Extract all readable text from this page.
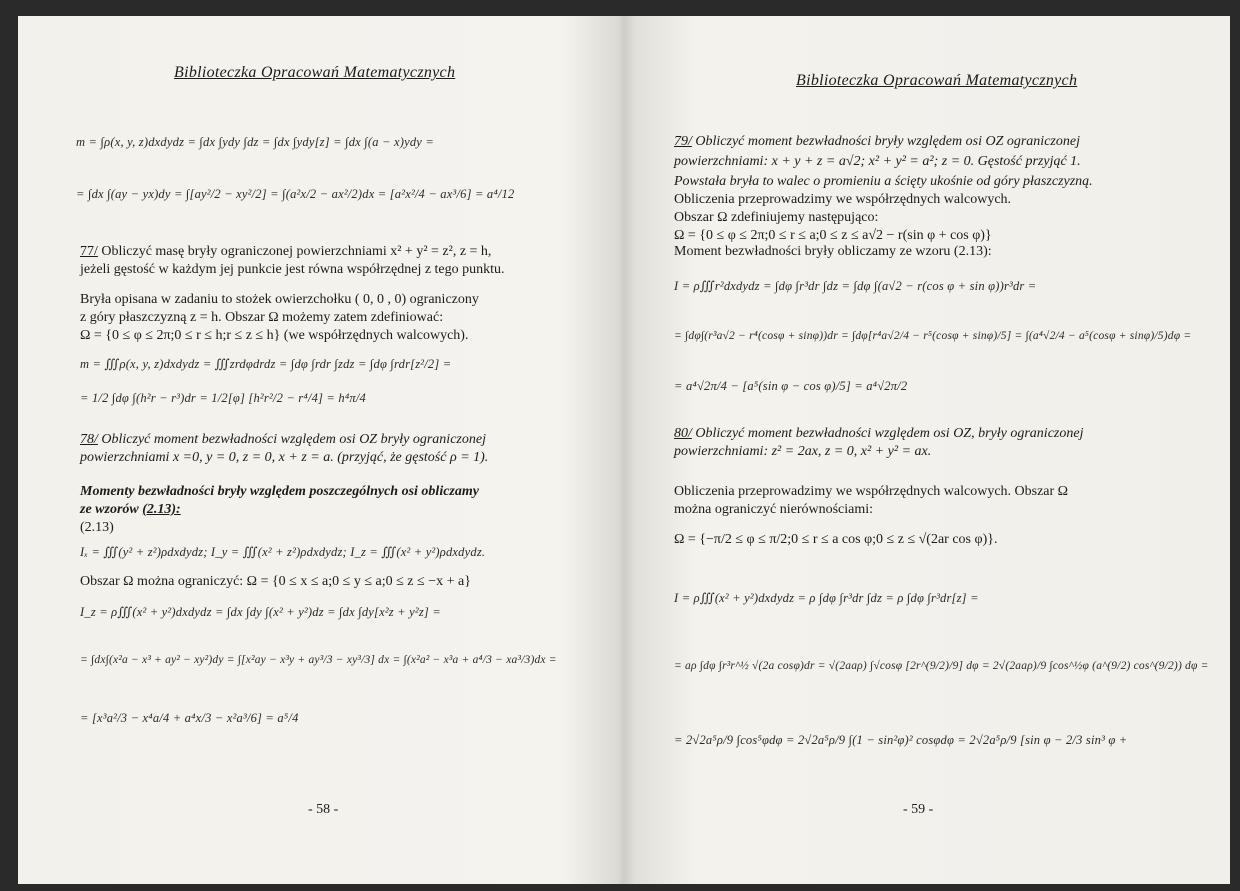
Biblioteczka Opracowań Matematycznych
m = ∫ρ(x, y, z)dxdydz = ∫dx ∫ydy ∫dz = ∫dx ∫ydy[z] = ∫dx ∫(a − x)ydy =
= ∫dx ∫(ay − yx)dy = ∫[ay²/2 − xy²/2] = ∫(a²x/2 − ax²/2)dx = [a²x²/4 − ax³/6] = a⁴/12
77/ Obliczyć masę bryły ograniczonej powierzchniami x² + y² = z², z = h,
jeżeli gęstość w każdym jej punkcie jest równa współrzędnej z tego punktu.
Bryła opisana w zadaniu to stożek owierzchołku ( 0, 0 , 0) ograniczony
z góry płaszczyzną z = h. Obszar Ω możemy zatem zdefiniować:
Ω = {0 ≤ φ ≤ 2π;0 ≤ r ≤ h;r ≤ z ≤ h} (we współrzędnych walcowych).
m = ∭ρ(x, y, z)dxdydz = ∭zrdφdrdz = ∫dφ ∫rdr ∫zdz = ∫dφ ∫rdr[z²/2] =
= 1/2 ∫dφ ∫(h²r − r³)dr = 1/2[φ] [h²r²/2 − r⁴/4] = h⁴π/4
78/ Obliczyć moment bezwładności względem osi OZ bryły ograniczonej
powierzchniami x =0, y = 0, z = 0, x + z = a. (przyjąć, że gęstość ρ = 1).
Momenty bezwładności bryły względem poszczególnych osi obliczamy
ze wzorów (2.13):
(2.13)
Iₓ = ∭(y² + z²)ρdxdydz; I_y = ∭(x² + z²)ρdxdydz; I_z = ∭(x² + y²)ρdxdydz.
Obszar Ω można ograniczyć: Ω = {0 ≤ x ≤ a;0 ≤ y ≤ a;0 ≤ z ≤ −x + a}
I_z = ρ∭(x² + y²)dxdydz = ∫dx ∫dy ∫(x² + y²)dz = ∫dx ∫dy[x²z + y²z] =
= ∫dx∫(x²a − x³ + ay² − xy²)dy = ∫[x²ay − x³y + ay³/3 − xy³/3] dx = ∫(x²a² − x³a + a⁴/3 − xa³/3)dx =
= [x³a²/3 − x⁴a/4 + a⁴x/3 − x²a³/6] = a⁵/4
- 58 -
Biblioteczka Opracowań Matematycznych
79/ Obliczyć moment bezwładności bryły względem osi OZ ograniczonej
powierzchniami: x + y + z = a√2; x² + y² = a²; z = 0. Gęstość przyjąć 1.
Powstała bryła to walec o promieniu a ścięty ukośnie od góry płaszczyzną.
Obliczenia przeprowadzimy we współrzędnych walcowych.
Obszar Ω zdefiniujemy następująco:
Ω = {0 ≤ φ ≤ 2π;0 ≤ r ≤ a;0 ≤ z ≤ a√2 − r(sin φ + cos φ)}
Moment bezwładności bryły obliczamy ze wzoru (2.13):
I = ρ∭r²dxdydz = ∫dφ ∫r³dr ∫dz = ∫dφ ∫(a√2 − r(cos φ + sin φ))r³dr =
= ∫dφ∫(r³a√2 − r⁴(cosφ + sinφ))dr = ∫dφ[r⁴a√2/4 − r⁵(cosφ + sinφ)/5] = ∫(a⁴√2/4 − a⁵(cosφ + sinφ)/5)dφ =
= a⁴√2π/4 − [a⁵(sin φ − cos φ)/5] = a⁴√2π/2
80/ Obliczyć moment bezwładności względem osi OZ, bryły ograniczonej
powierzchniami: z² = 2ax, z = 0, x² + y² = ax.
Obliczenia przeprowadzimy we współrzędnych walcowych. Obszar Ω
można ograniczyć nierównościami:
Ω = {−π/2 ≤ φ ≤ π/2;0 ≤ r ≤ a cos φ;0 ≤ z ≤ √(2ar cos φ)}.
I = ρ∭(x² + y²)dxdydz = ρ ∫dφ ∫r³dr ∫dz = ρ ∫dφ ∫r³dr[z] =
= aρ ∫dφ ∫r³r^½ √(2a cosφ)dr = √(2aaρ) ∫√cosφ [2r^(9/2)/9] dφ = 2√(2aaρ)/9 ∫cos^½φ (a^(9/2) cos^(9/2)) dφ =
= 2√2a⁵ρ/9 ∫cos⁵φdφ = 2√2a⁵ρ/9 ∫(1 − sin²φ)² cosφdφ = 2√2a⁵ρ/9 [sin φ − 2/3 sin³ φ +
- 59 -
